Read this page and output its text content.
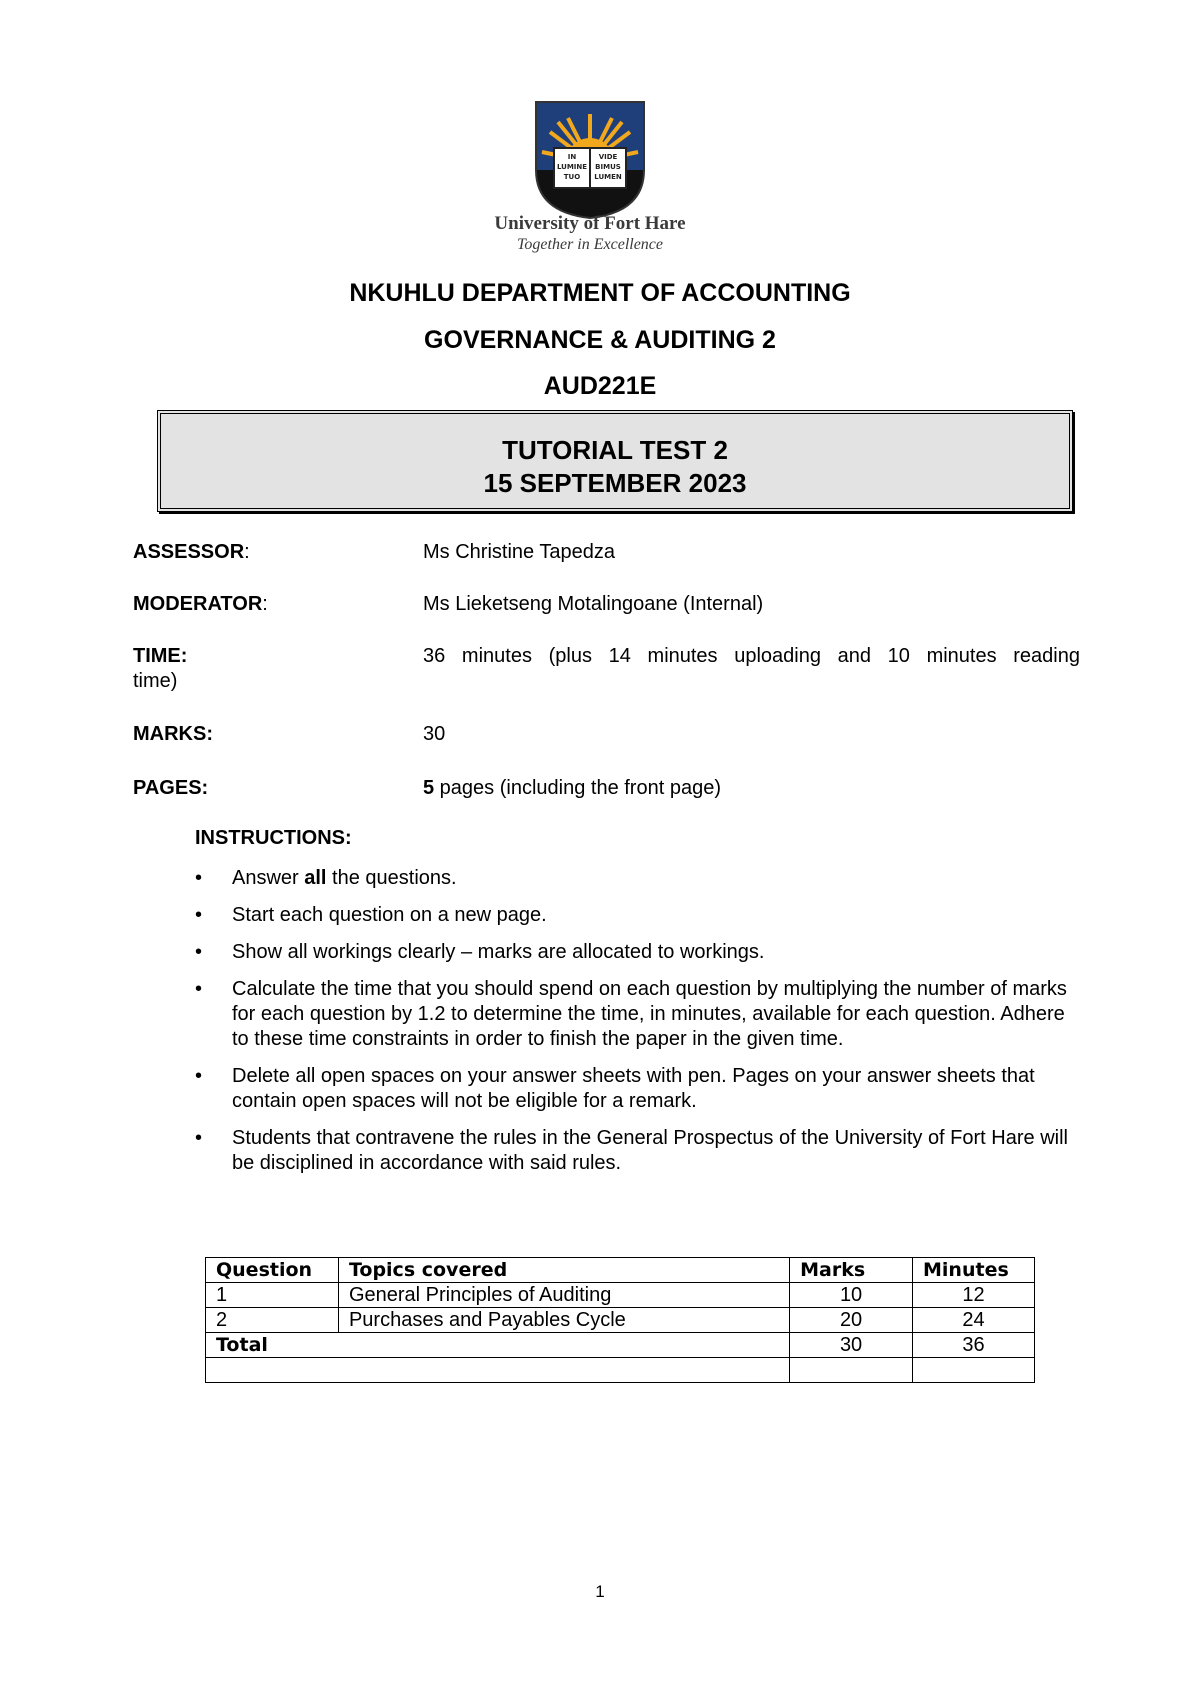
IN
LUMINE
TUO
VIDE
BIMUS
LUMEN
University of Fort Hare
Together in Excellence
NKUHLU DEPARTMENT OF ACCOUNTING
GOVERNANCE & AUDITING 2
AUD221E
TUTORIAL TEST 2
15 SEPTEMBER 2023
ASSESSOR:	Ms Christine Tapedza
MODERATOR:	Ms Lieketseng Motalingoane (Internal)
TIME:	36 minutes (plus 14 minutes uploading and 10 minutes reading
time)
MARKS:	30
PAGES:	5 pages (including the front page)
INSTRUCTIONS:
• Answer all the questions.
• Start each question on a new page.
• Show all workings clearly – marks are allocated to workings.
• Calculate the time that you should spend on each question by multiplying the number of marks for each question by 1.2 to determine the time, in minutes, available for each question. Adhere to these time constraints in order to finish the paper in the given time.
• Delete all open spaces on your answer sheets with pen. Pages on your answer sheets that contain open spaces will not be eligible for a remark.
• Students that contravene the rules in the General Prospectus of the University of Fort Hare will be disciplined in accordance with said rules.
Question	Topics covered	Marks	Minutes
1	General Principles of Auditing	10	12
2	Purchases and Payables Cycle	20	24
Total		30	36

1
